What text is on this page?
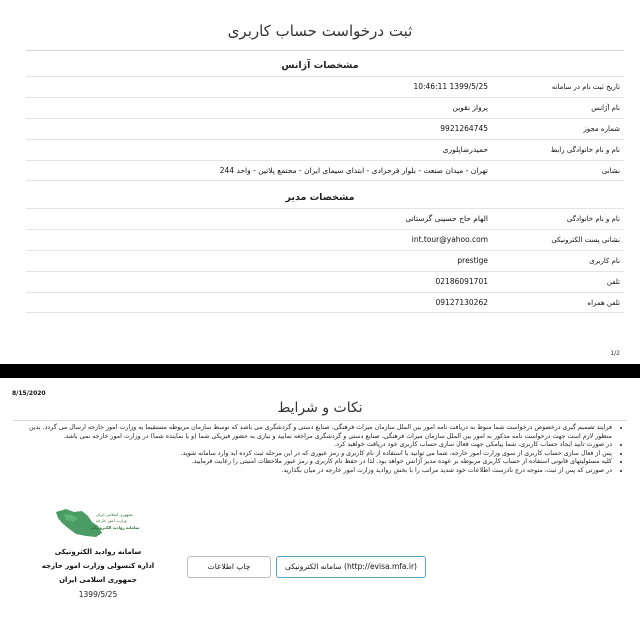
ثبت درخواست حساب کاربری
مشخصات آژانس
تاریخ ثبت نام در سامانه
1399/5/25 10:46:11
نام آژانس
پرواز نقوین
شماره مجوز
9921264745
نام و نام خانوادگی رابط
حمیدرضاپلوری
نشانی
تهران - میدان صنعت - بلوار فرحزادی - ابتدای سیمای ایران - مجتمع پلاتین - واحد 244
مشخصات مدیر
نام و نام خانوادگی
الهام حاج حسینی گزستانی
نشانی پست الکترونیکی
int.tour@yahoo.com
نام کاربری
prestige
تلفن
02186091701
تلفن همراه
09127130262
1/2
8/15/2020
نکات و شرایط
• فرایند تصمیم گیری درخصوص درخواست شما منوط به دریافت نامه امور بین الملل سازمان میراث فرهنگی، صنایع دستی و گردشگری می باشد که توسط سازمان مربوطه مستقیما به وزارت امور خارجه ارسال می گردد. بدین منظور لازم است جهت درخواست نامه مذکور به امور بین الملل سازمان میراث فرهنگی، صنایع دستی و گردشگری مراجعه نمایید و نیازی به حضور فیزیکی شما (و یا نماینده شما) در وزارت امور خارجه نمی باشد.
• در صورت تایید ایجاد حساب کاربری، شما پیامکی جهت فعال سازی حساب کاربری خود دریافت خواهید کرد.
• پس از فعال سازی حساب کاربری از سوی وزارت امور خارجه، شما می توانید با استفاده از نام کاربری و رمز عبوری که در این مرحله ثبت کرده اید وارد سامانه شوید.
• کلیه مسئولیتهای قانونی استفاده از حساب کاربری مربوطه بر عهده مدیر آژانس خواهد بود. لذا در حفظ نام کاربری و رمز عبور ملاحظات امنیتی را رعایت فرمایید.
• در صورتی که پس از ثبت، متوجه درج نادرست اطلاعات خود شدید مراتب را با بخش روادید وزارت امور خارجه در میان بگذارید.
جمهوری اسلامی ایران
وزارت امور خارجه
سامانه روادید الکترونیکی
سامانه روادید الکترونیکی
اداره کنسولی وزارت امور خارجه
جمهوری اسلامی ایران
1399/5/25
سامانه الکترونیکی (http://evisa.mfa.ir)
چاپ اطلاعات
